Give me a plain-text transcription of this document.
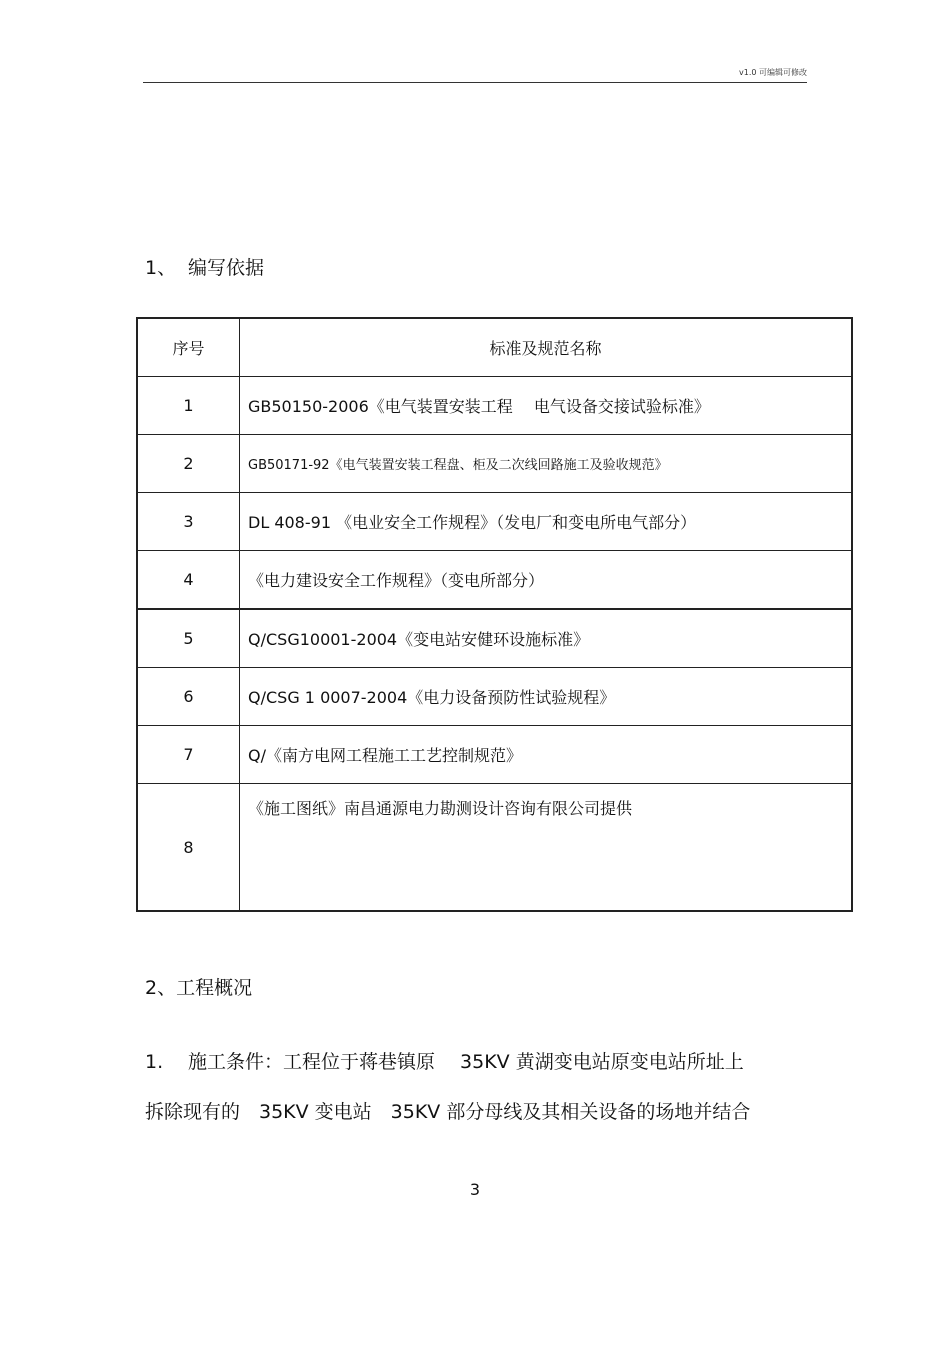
v1.0 可编辑可修改
1、 编写依据
序号	标准及规范名称
1	GB50150-2006《电气装置安装工程　 电气设备交接试验标准》
2	GB50171-92《电气装置安装工程盘、柜及二次线回路施工及验收规范》
3	DL 408-91 《电业安全工作规程》（发电厂和变电所电气部分）
4	《电力建设安全工作规程》（变电所部分）
5	Q/CSG10001-2004《变电站安健环设施标准》
6	Q/CSG 1 0007-2004《电力设备预防性试验规程》
7	Q/《南方电网工程施工工艺控制规范》
8	《施工图纸》南昌通源电力勘测设计咨询有限公司提供
2、工程概况
1. 施工条件：工程位于蒋巷镇原　 35KV 黄湖变电站原变电站所址上
拆除现有的　35KV 变电站　35KV 部分母线及其相关设备的场地并结合
3
